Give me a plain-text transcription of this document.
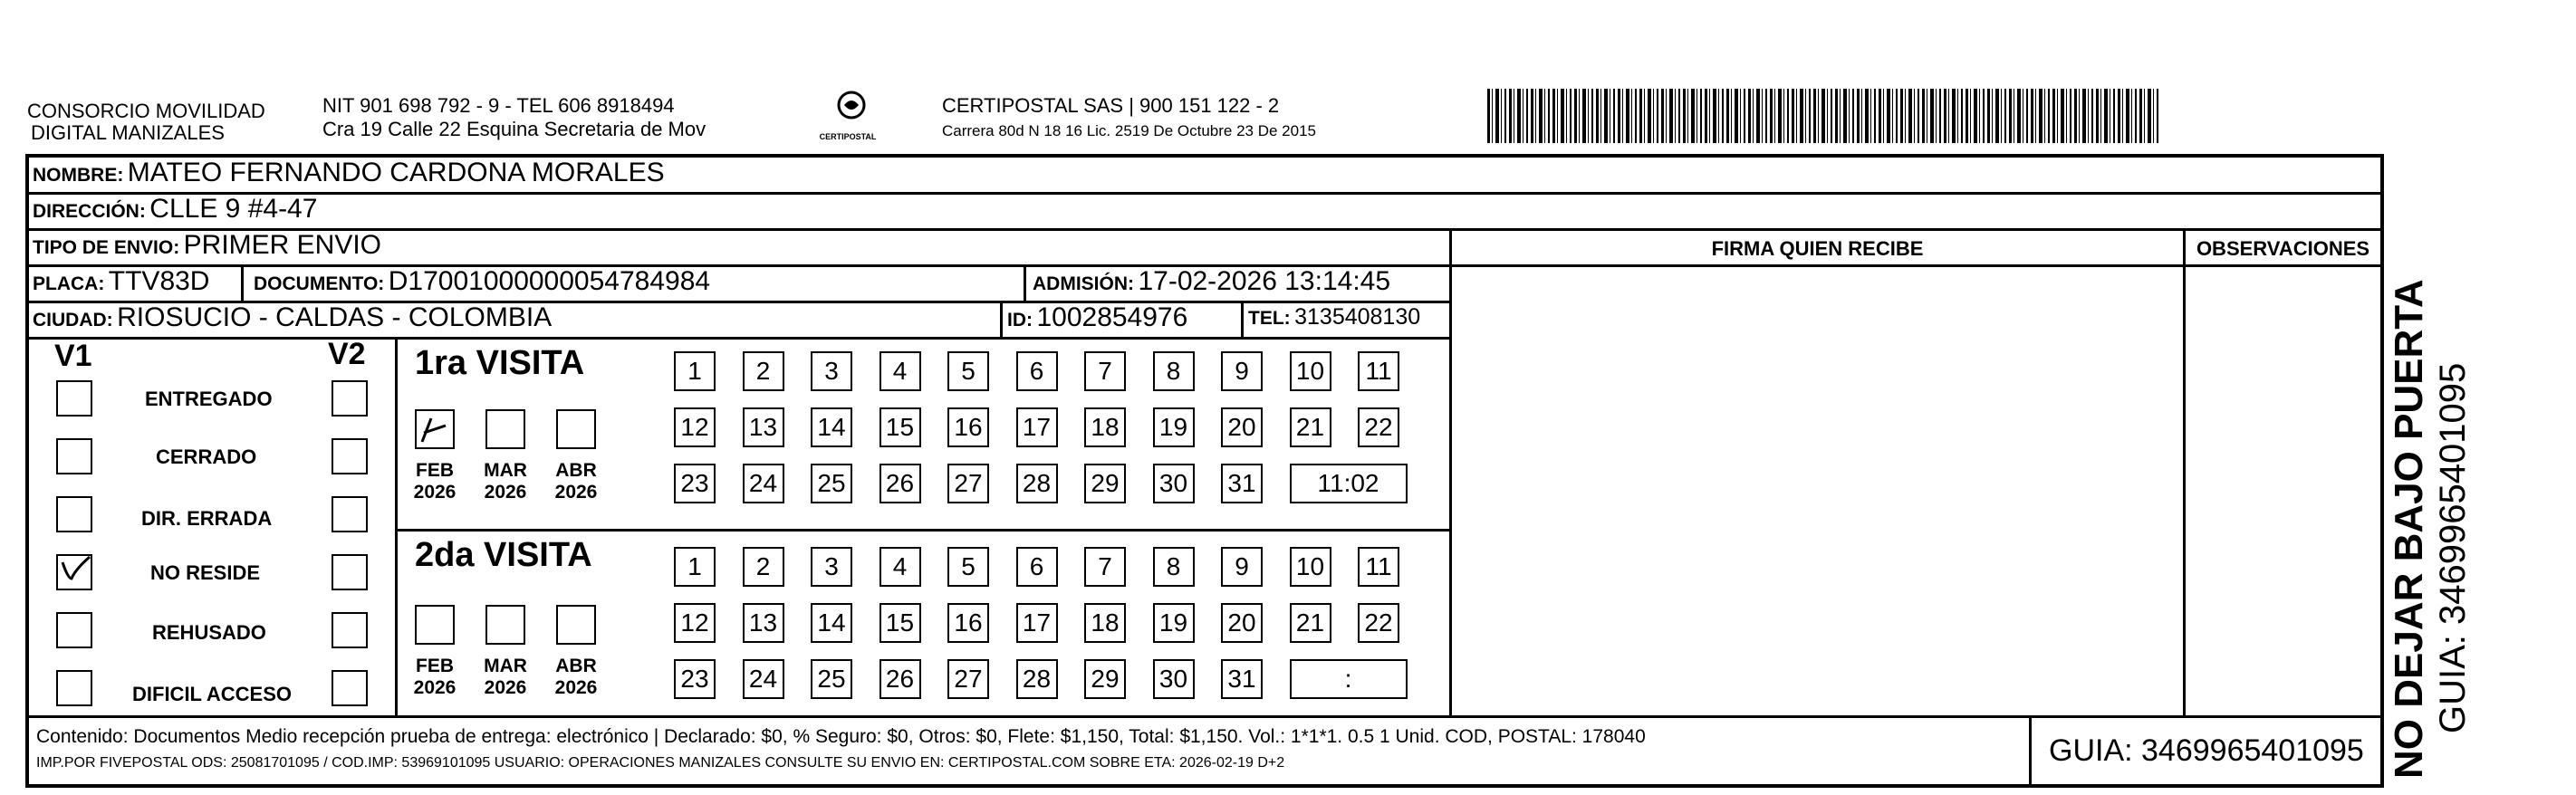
CONSORCIO MOVILIDAD
DIGITAL MANIZALES
NIT 901 698 792 - 9 - TEL 606 8918494
Cra 19 Calle 22 Esquina Secretaria de Mov	CERTIPOSTAL
CERTIPOSTAL SAS | 900 151 122 - 2
Carrera 80d N 18 16 Lic. 2519 De Octubre 23 De 2015
NOMBRE: MATEO FERNANDO CARDONA MORALES
DIRECCIÓN: CLLE 9 #4-47
TIPO DE ENVIO: PRIMER ENVIO
PLACA: TTV83D DOCUMENTO: D17001000000054784984	ADMISIÓN: 17-02-2026 13:14:45
CIUDAD: RIOSUCIO - CALDAS - COLOMBIA	ID: 1002854976	TEL: 3135408130
FIRMA QUIEN RECIBE	OBSERVACIONES
V1	V2
ENTREGADO
CERRADO
DIR. ERRADA
NO RESIDE
REHUSADO
DIFICIL ACCESO
1ra VISITA
FEB
2026
MAR
2026
ABR
2026
1	2	3	4	5	6	7	8	9	10	11
12 13 14 15 16 17 18 19 20 21 22
23 24 25 26 27 28 29 30 31	11:02
2da VISITA
FEB
2026
MAR
2026
ABR
2026
1	2	3	4	5	6	7	8	9	10	11
12 13 14 15 16 17 18 19 20 21 22
23 24 25 26 27 28 29 30 31	:
Contenido: Documentos Medio recepción prueba de entrega: electrónico | Declarado: $0, % Seguro: $0, Otros: $0, Flete: $1,150, Total: $1,150. Vol.: 1*1*1. 0.5 1 Unid. COD, POSTAL: 178040
IMP.POR FIVEPOSTAL ODS: 25081701095 / COD.IMP: 53969101095 USUARIO: OPERACIONES MANIZALES CONSULTE SU ENVIO EN: CERTIPOSTAL.COM SOBRE ETA: 2026-02-19 D+2	GUIA: 3469965401095 NO DEJAR BAJO PUERTA GUIA: 3469965401095
